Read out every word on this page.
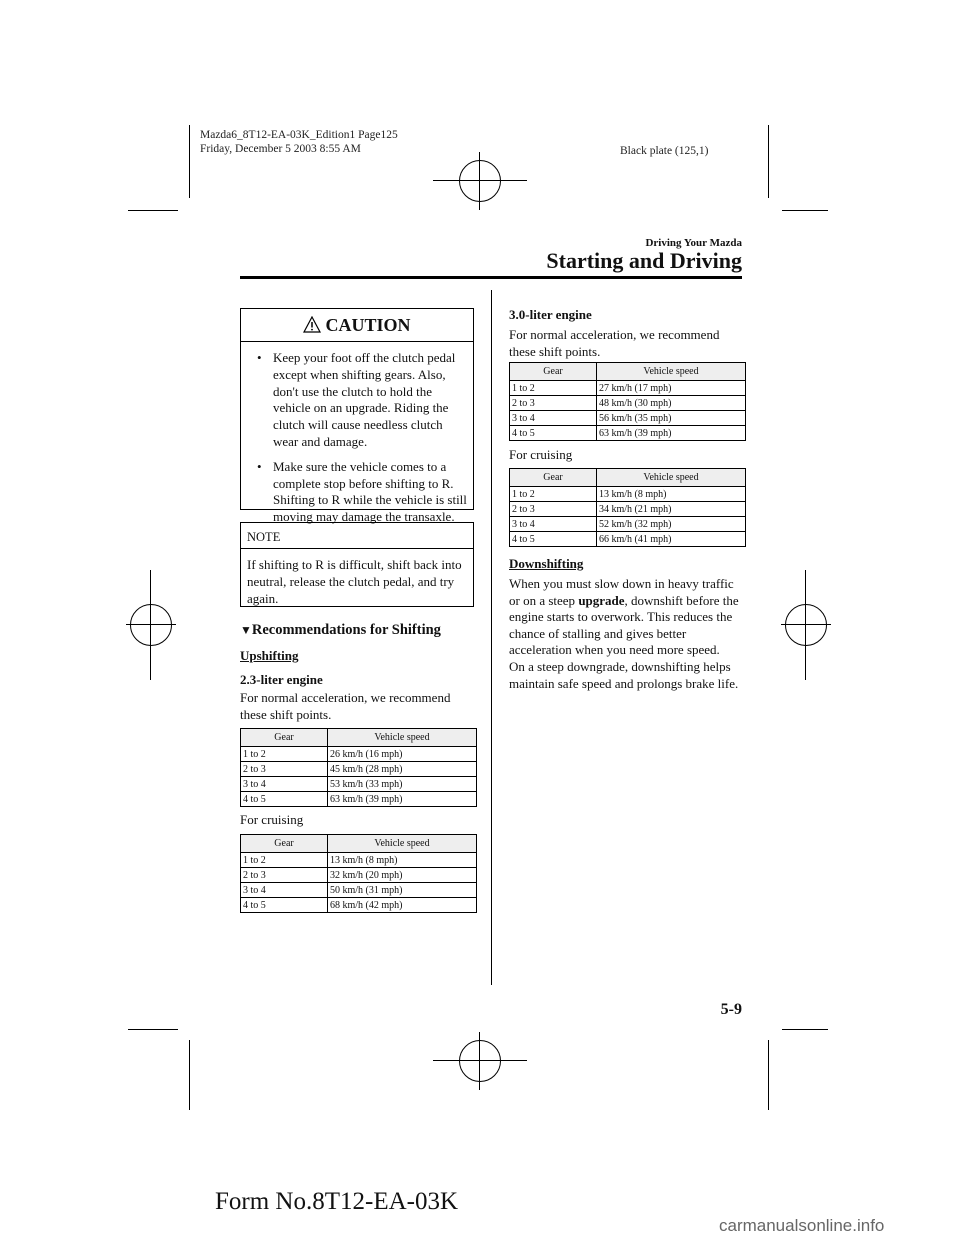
Mazda6_8T12-EA-03K_Edition1 Page125
Friday, December 5 2003 8:55 AM	Black plate (125,1)
Driving Your Mazda
Starting and Driving
CAUTION
• Keep your foot off the clutch pedal except when shifting gears. Also, don't use the clutch to hold the vehicle on an upgrade. Riding the clutch will cause needless clutch wear and damage.
• Make sure the vehicle comes to a complete stop before shifting to R. Shifting to R while the vehicle is still moving may damage the transaxle.
NOTE
If shifting to R is difficult, shift back into neutral, release the clutch pedal, and try again.
▼Recommendations for Shifting
Upshifting
2.3-liter engine
For normal acceleration, we recommend these shift points.
Gear	Vehicle speed
1 to 2	26 km/h (16 mph)
2 to 3	45 km/h (28 mph)
3 to 4	53 km/h (33 mph)
4 to 5	63 km/h (39 mph)
For cruising
Gear	Vehicle speed
1 to 2	13 km/h (8 mph)
2 to 3	32 km/h (20 mph)
3 to 4	50 km/h (31 mph)
4 to 5	68 km/h (42 mph)
3.0-liter engine
For normal acceleration, we recommend these shift points.
Gear	Vehicle speed
1 to 2	27 km/h (17 mph)
2 to 3	48 km/h (30 mph)
3 to 4	56 km/h (35 mph)
4 to 5	63 km/h (39 mph)
For cruising
Gear	Vehicle speed
1 to 2	13 km/h (8 mph)
2 to 3	34 km/h (21 mph)
3 to 4	52 km/h (32 mph)
4 to 5	66 km/h (41 mph)
Downshifting
When you must slow down in heavy traffic or on a steep upgrade, downshift before the engine starts to overwork. This reduces the chance of stalling and gives better acceleration when you need more speed.
On a steep downgrade, downshifting helps maintain safe speed and prolongs brake life.
5-9
Form No.8T12-EA-03K
carmanualsonline.info
